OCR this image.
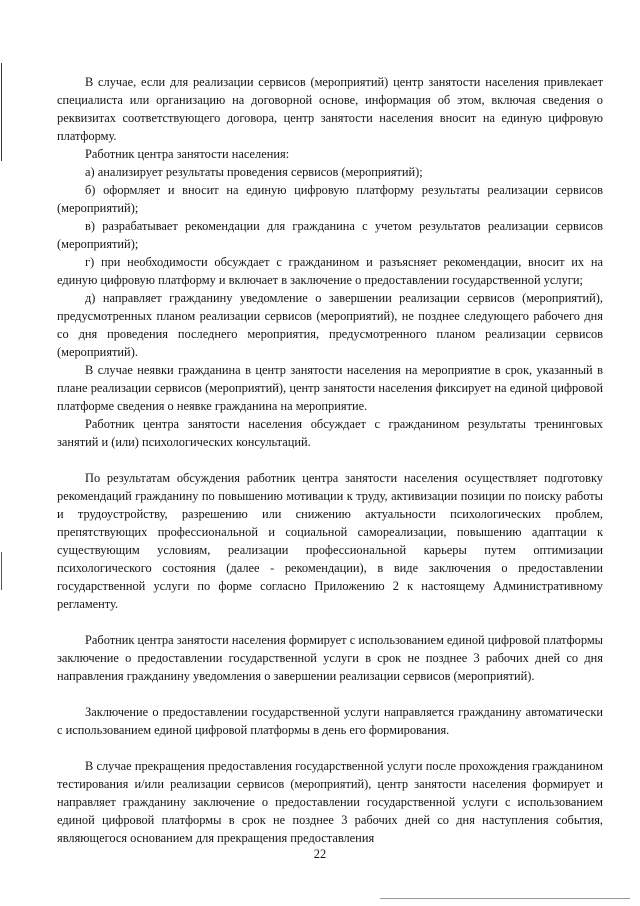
В случае, если для реализации сервисов (мероприятий) центр занятости населения привлекает специалиста или организацию на договорной основе, информация об этом, включая сведения о реквизитах соответствующего договора, центр занятости населения вносит на единую цифровую платформу.

Работник центра занятости населения:

а) анализирует результаты проведения сервисов (мероприятий);

б) оформляет и вносит на единую цифровую платформу результаты реализации сервисов (мероприятий);

в) разрабатывает рекомендации для гражданина с учетом результатов реализации сервисов (мероприятий);

г) при необходимости обсуждает с гражданином и разъясняет рекомендации, вносит их на единую цифровую платформу и включает в заключение о предоставлении государственной услуги;

д) направляет гражданину уведомление о завершении реализации сервисов (мероприятий), предусмотренных планом реализации сервисов (мероприятий), не позднее следующего рабочего дня со дня проведения последнего мероприятия, предусмотренного планом реализации сервисов (мероприятий).

В случае неявки гражданина в центр занятости населения на мероприятие в срок, указанный в плане реализации сервисов (мероприятий), центр занятости населения фиксирует на единой цифровой платформе сведения о неявке гражданина на мероприятие.

Работник центра занятости населения обсуждает с гражданином результаты тренинговых занятий и (или) психологических консультаций.

По результатам обсуждения работник центра занятости населения осуществляет подготовку рекомендаций гражданину по повышению мотивации к труду, активизации позиции по поиску работы и трудоустройству, разрешению или снижению актуальности психологических проблем, препятствующих профессиональной и социальной самореализации, повышению адаптации к существующим условиям, реализации профессиональной карьеры путем оптимизации психологического состояния (далее - рекомендации), в виде заключения о предоставлении государственной услуги по форме согласно Приложению 2 к настоящему Административному регламенту.

Работник центра занятости населения формирует с использованием единой цифровой платформы заключение о предоставлении государственной услуги в срок не позднее 3 рабочих дней со дня направления гражданину уведомления о завершении реализации сервисов (мероприятий).

Заключение о предоставлении государственной услуги направляется гражданину автоматически с использованием единой цифровой платформы в день его формирования.

В случае прекращения предоставления государственной услуги после прохождения гражданином тестирования и/или реализации сервисов (мероприятий), центр занятости населения формирует и направляет гражданину заключение о предоставлении государственной услуги с использованием единой цифровой платформы в срок не позднее 3 рабочих дней со дня наступления события, являющегося основанием для прекращения предоставления

22
